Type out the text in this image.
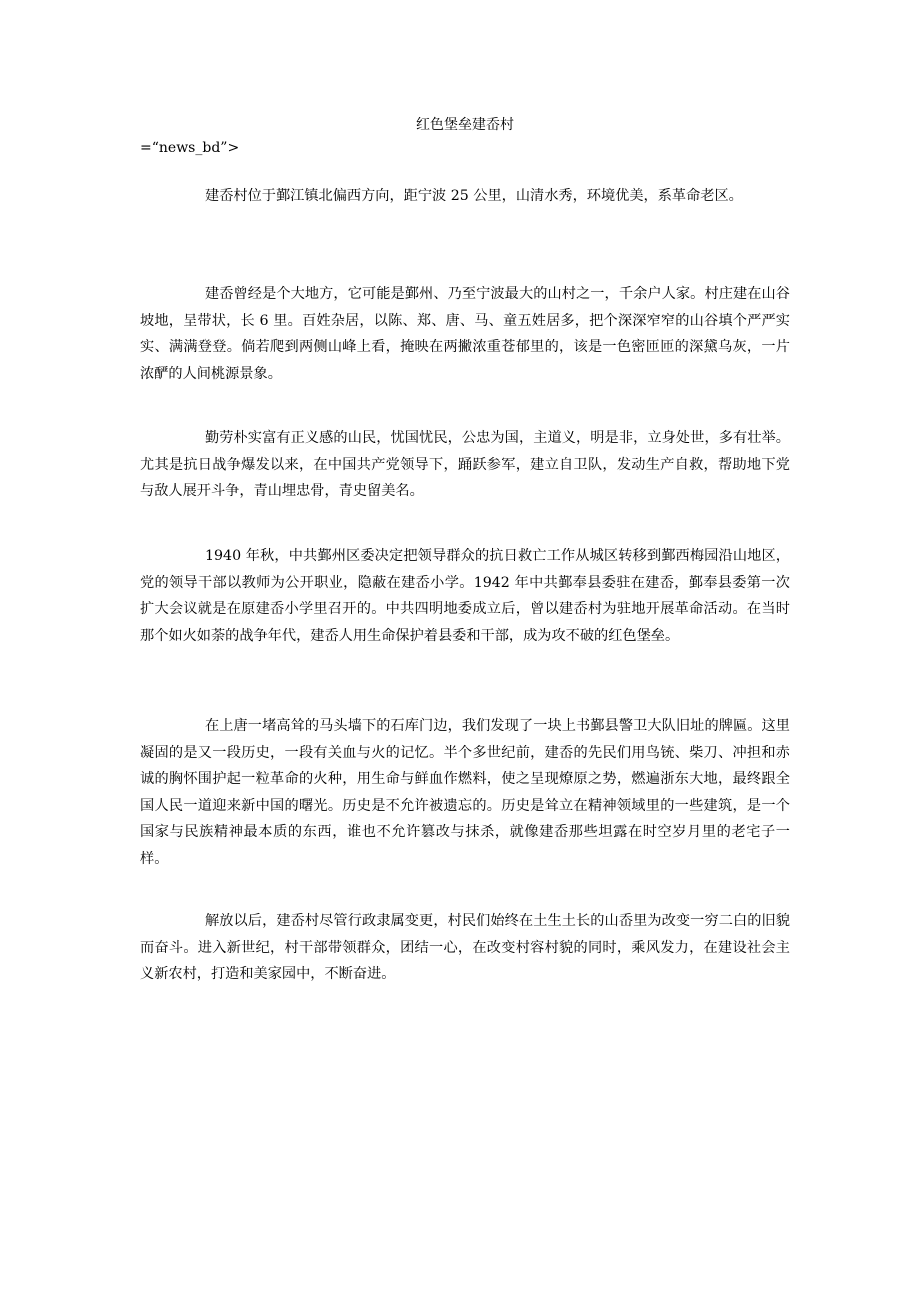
红色堡垒建岙村
=“news_bd”>

建岙村位于鄞江镇北偏西方向，距宁波 25 公里，山清水秀，环境优美，系革命老区。

建岙曾经是个大地方，它可能是鄞州、乃至宁波最大的山村之一，千余户人家。村庄建在山谷坡地，呈带状，长 6 里。百姓杂居，以陈、郑、唐、马、童五姓居多，把个深深窄窄的山谷填个严严实实、满满登登。倘若爬到两侧山峰上看，掩映在两撇浓重苍郁里的，该是一色密匝匝的深黛乌灰，一片浓酽的人间桃源景象。

勤劳朴实富有正义感的山民，忧国忧民，公忠为国，主道义，明是非，立身处世，多有壮举。尤其是抗日战争爆发以来，在中国共产党领导下，踊跃参军，建立自卫队，发动生产自救，帮助地下党与敌人展开斗争，青山埋忠骨，青史留美名。

1940 年秋，中共鄞州区委决定把领导群众的抗日救亡工作从城区转移到鄞西梅园沿山地区，党的领导干部以教师为公开职业，隐蔽在建岙小学。1942 年中共鄞奉县委驻在建岙，鄞奉县委第一次扩大会议就是在原建岙小学里召开的。中共四明地委成立后，曾以建岙村为驻地开展革命活动。在当时那个如火如荼的战争年代，建岙人用生命保护着县委和干部，成为攻不破的红色堡垒。

在上唐一堵高耸的马头墙下的石库门边，我们发现了一块上书鄞县警卫大队旧址的牌匾。这里凝固的是又一段历史，一段有关血与火的记忆。半个多世纪前，建岙的先民们用鸟铳、柴刀、冲担和赤诚的胸怀围护起一粒革命的火种，用生命与鲜血作燃料，使之呈现燎原之势，燃遍浙东大地，最终跟全国人民一道迎来新中国的曙光。历史是不允许被遗忘的。历史是耸立在精神领域里的一些建筑，是一个国家与民族精神最本质的东西，谁也不允许篡改与抹杀，就像建岙那些坦露在时空岁月里的老宅子一样。

解放以后，建岙村尽管行政隶属变更，村民们始终在土生土长的山岙里为改变一穷二白的旧貌而奋斗。进入新世纪，村干部带领群众，团结一心，在改变村容村貌的同时，乘风发力，在建设社会主义新农村，打造和美家园中，不断奋进。
